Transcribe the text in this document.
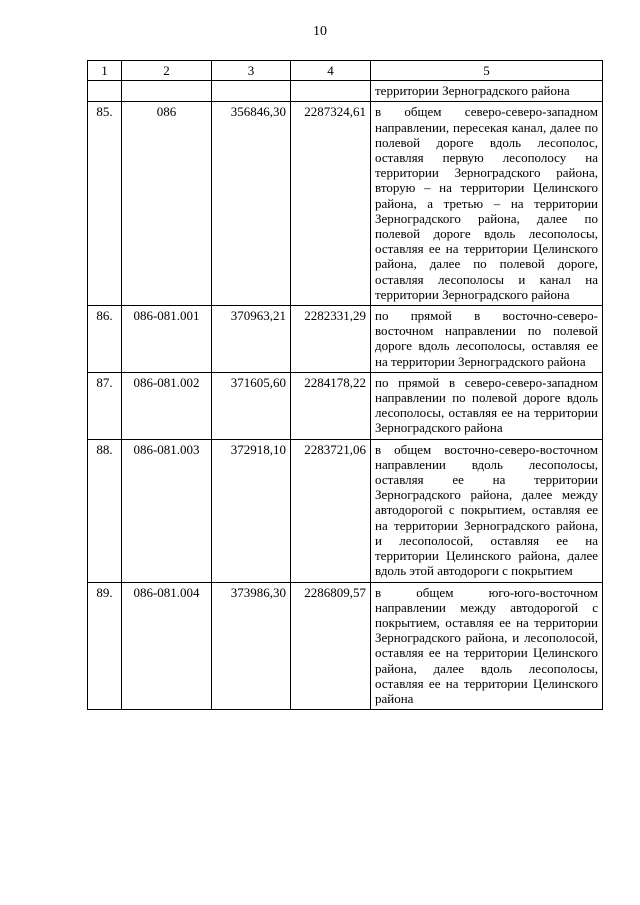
10
1	2	3	4	5
				территории Зерноградского района
85.	086	356846,30	2287324,61	в общем северо-северо-западном направлении, пересекая канал, далее по полевой дороге вдоль лесополос, оставляя первую лесополосу на территории Зерноградского района, вторую – на территории Целинского района, а третью – на территории Зерноградского района, далее по полевой дороге вдоль лесополосы, оставляя ее на территории Целинского района, далее по полевой дороге, оставляя лесополосы и канал на территории Зерноградского района
86.	086-081.001	370963,21	2282331,29	по прямой в восточно-северо-восточном направлении по полевой дороге вдоль лесополосы, оставляя ее на территории Зерноградского района
87.	086-081.002	371605,60	2284178,22	по прямой в северо-северо-западном направлении по полевой дороге вдоль лесополосы, оставляя ее на территории Зерноградского района
88.	086-081.003	372918,10	2283721,06	в общем восточно-северо-восточном направлении вдоль лесополосы, оставляя ее на территории Зерноградского района, далее между автодорогой с покрытием, оставляя ее на территории Зерноградского района, и лесополосой, оставляя ее на территории Целинского района, далее вдоль этой автодороги с покрытием
89.	086-081.004	373986,30	2286809,57	в общем юго-юго-восточном направлении между автодорогой с покрытием, оставляя ее на территории Зерноградского района, и лесополосой, оставляя ее на территории Целинского района, далее вдоль лесополосы, оставляя ее на территории Целинского района
